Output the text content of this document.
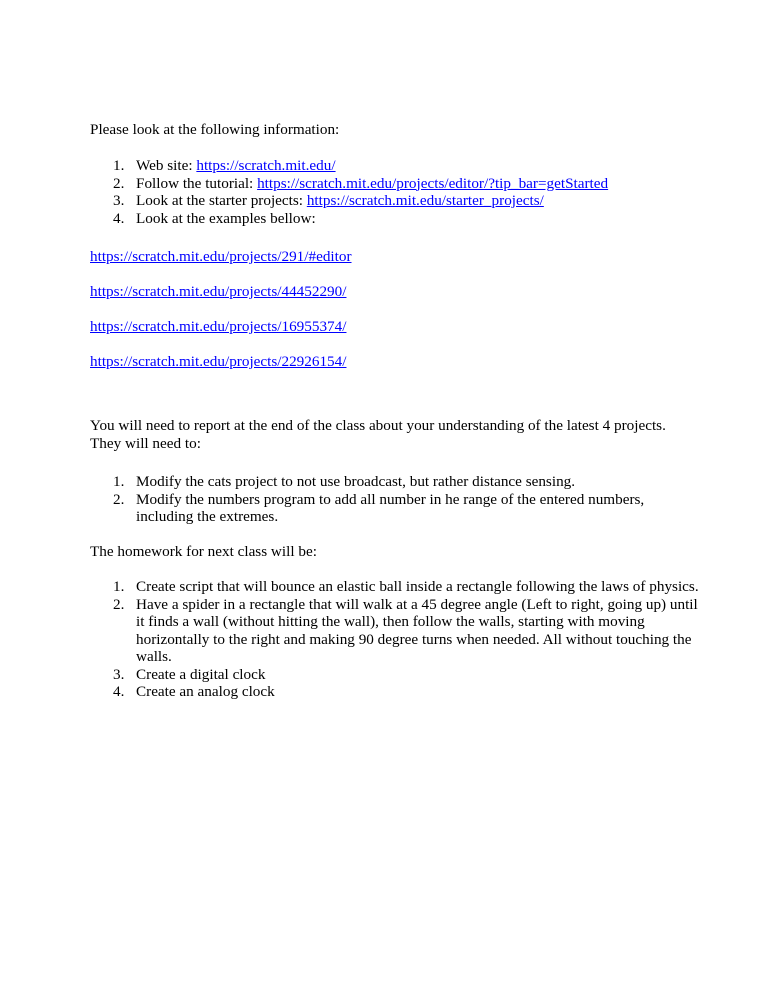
Please look at the following information:

1. Web site: https://scratch.mit.edu/
2. Follow the tutorial: https://scratch.mit.edu/projects/editor/?tip_bar=getStarted
3. Look at the starter projects: https://scratch.mit.edu/starter_projects/
4. Look at the examples bellow:

https://scratch.mit.edu/projects/291/#editor

https://scratch.mit.edu/projects/44452290/

https://scratch.mit.edu/projects/16955374/

https://scratch.mit.edu/projects/22926154/

You will need to report at the end of the class about your understanding of the latest 4 projects. They will need to:

1. Modify the cats project to not use broadcast, but rather distance sensing.
2. Modify the numbers program to add all number in he range of the entered numbers, including the extremes.

The homework for next class will be:

1. Create script that will bounce an elastic ball inside a rectangle following the laws of physics.
2. Have a spider in a rectangle that will walk at a 45 degree angle (Left to right, going up) until it finds a wall (without hitting the wall), then follow the walls, starting with moving horizontally to the right and making 90 degree turns when needed. All without touching the walls.
3. Create a digital clock
4. Create an analog clock
